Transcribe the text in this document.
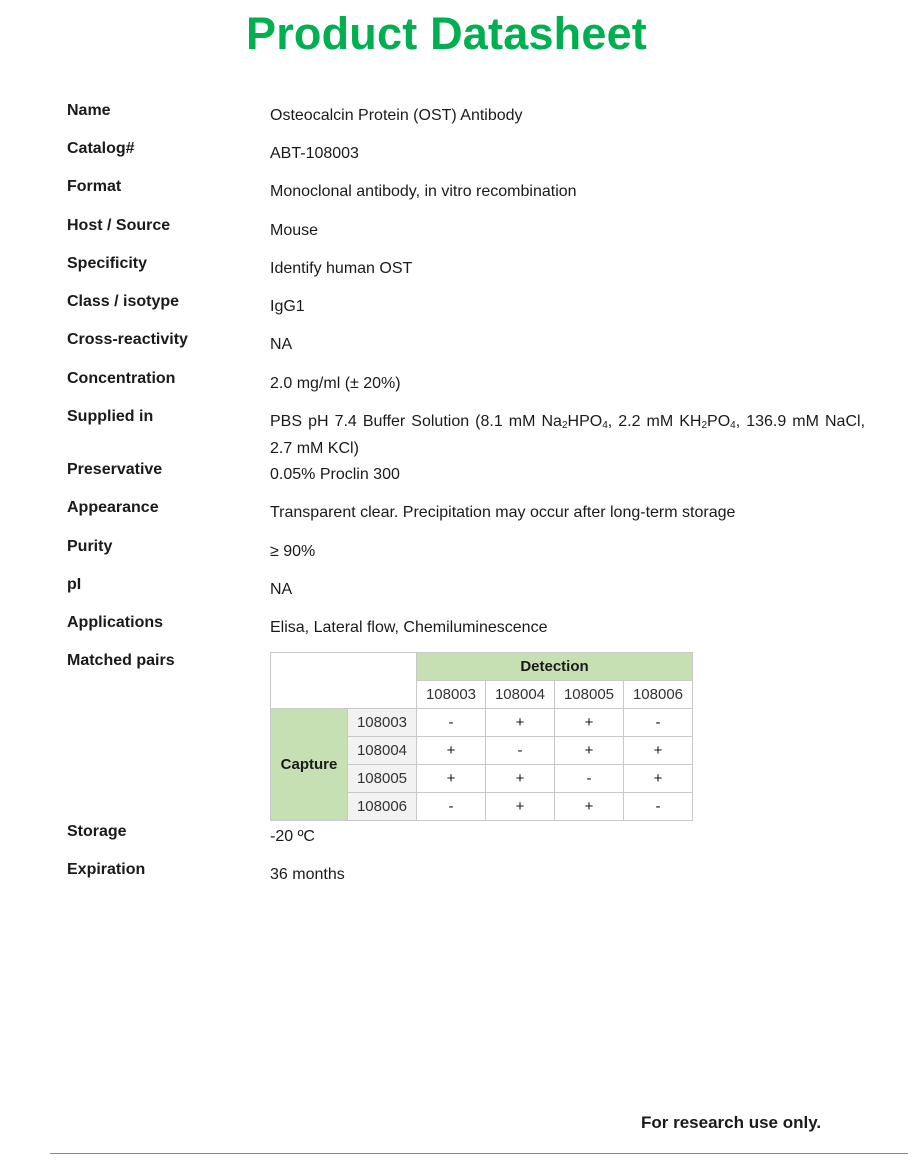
Product Datasheet
Name	Osteocalcin Protein (OST) Antibody
Catalog#	ABT-108003
Format	Monoclonal antibody, in vitro recombination
Host / Source	Mouse
Specificity	Identify human OST
Class / isotype	IgG1
Cross-reactivity	NA
Concentration	2.0 mg/ml (± 20%)
Supplied in	PBS pH 7.4 Buffer Solution (8.1 mM $Na_2HPO_4$, 2.2 mM $KH_2PO_4$, 136.9 mM NaCl, 2.7 mM KCl)
Preservative	0.05% Proclin 300
Appearance	Transparent clear. Precipitation may occur after long-term storage
Purity	≥ 90%
pI	NA
Applications	Elisa, Lateral flow, Chemiluminescence
Matched pairs
		Detection			
		108003	108004	108005	108006
Capture	108003	-	+	+	-
	108004	+	-	+	+
	108005	+	+	-	+
	108006	-	+	+	-
Storage	-20 ºC
Expiration	36 months
For research use only.
